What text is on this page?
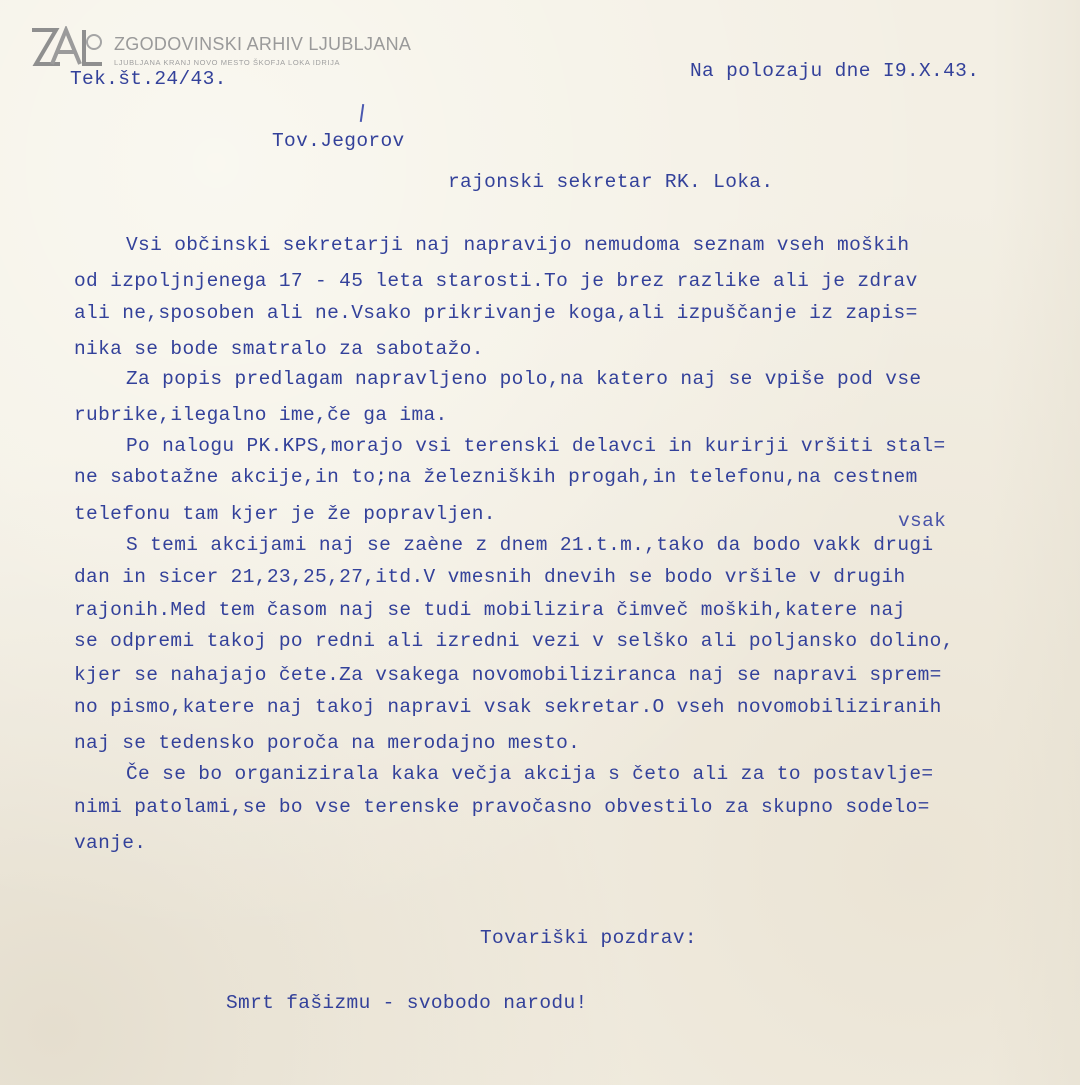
ZGODOVINSKI ARHIV LJUBLJANA
LJUBLJANA KRANJ NOVO MESTO ŠKOFJA LOKA IDRIJA
Tek.št.24/43.	Na polozaju dne I9.X.43.
Tov.Jegorov
rajonski sekretar RK. Loka.
Vsi občinski sekretarji naj napravijo nemudoma seznam vseh moških
od izpoljnjenega 17 - 45 leta starosti.To je brez razlike ali je zdrav
ali ne,sposoben ali ne.Vsako prikrivanje koga,ali izpuščanje iz zapis=
nika se bode smatralo za sabotažo.
Za popis predlagam napravljeno polo,na katero naj se vpiše pod vse
rubrike,ilegalno ime,če ga ima.
Po nalogu PK.KPS,morajo vsi terenski delavci in kurirji vršiti stal=
ne sabotažne akcije,in to;na železniških progah,in telefonu,na cestnem
telefonu tam kjer je že popravljen.	vsak
S temi akcijami naj se zaène z dnem 21.t.m.,tako da bodo vakk drugi
dan in sicer 21,23,25,27,itd.V vmesnih dnevih se bodo vršile v drugih
rajonih.Med tem časom naj se tudi mobilizira čimveč moških,katere naj
se odpremi takoj po redni ali izredni vezi v selško ali poljansko dolino,
kjer se nahajajo čete.Za vsakega novomobiliziranca naj se napravi sprem=
no pismo,katere naj takoj napravi vsak sekretar.O vseh novomobiliziranih
naj se tedensko poroča na merodajno mesto.
Če se bo organizirala kaka večja akcija s četo ali za to postavlje=
nimi patolami,se bo vse terenske pravočasno obvestilo za skupno sodelo=
vanje.
Tovariški pozdrav:
Smrt fašizmu - svobodo narodu!
